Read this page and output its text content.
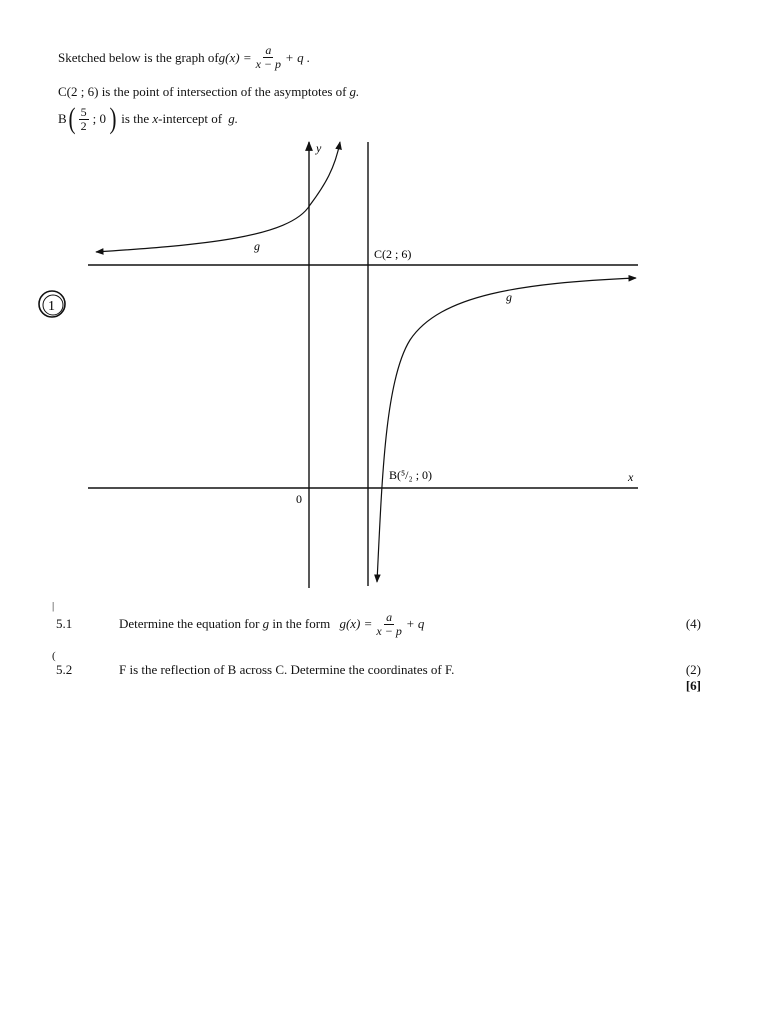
Sketched below is the graph of $g(x) = \frac{a}{x - p} + q$ .
C(2 ; 6) is the point of intersection of the asymptotes of g.
B ( $\frac{5}{2}$ ; 0 ) is the x -intercept of g.
y
x
0
g
g
C(2 ; 6)
B(⁵/₂ ; 0)
1
|
5.1	Determine the equation for g in the form $g(x) = \frac{a}{x - p} + q$	(4)
(
5.2	F is the reflection of B across C. Determine the coordinates of F.	(2)
[6]
